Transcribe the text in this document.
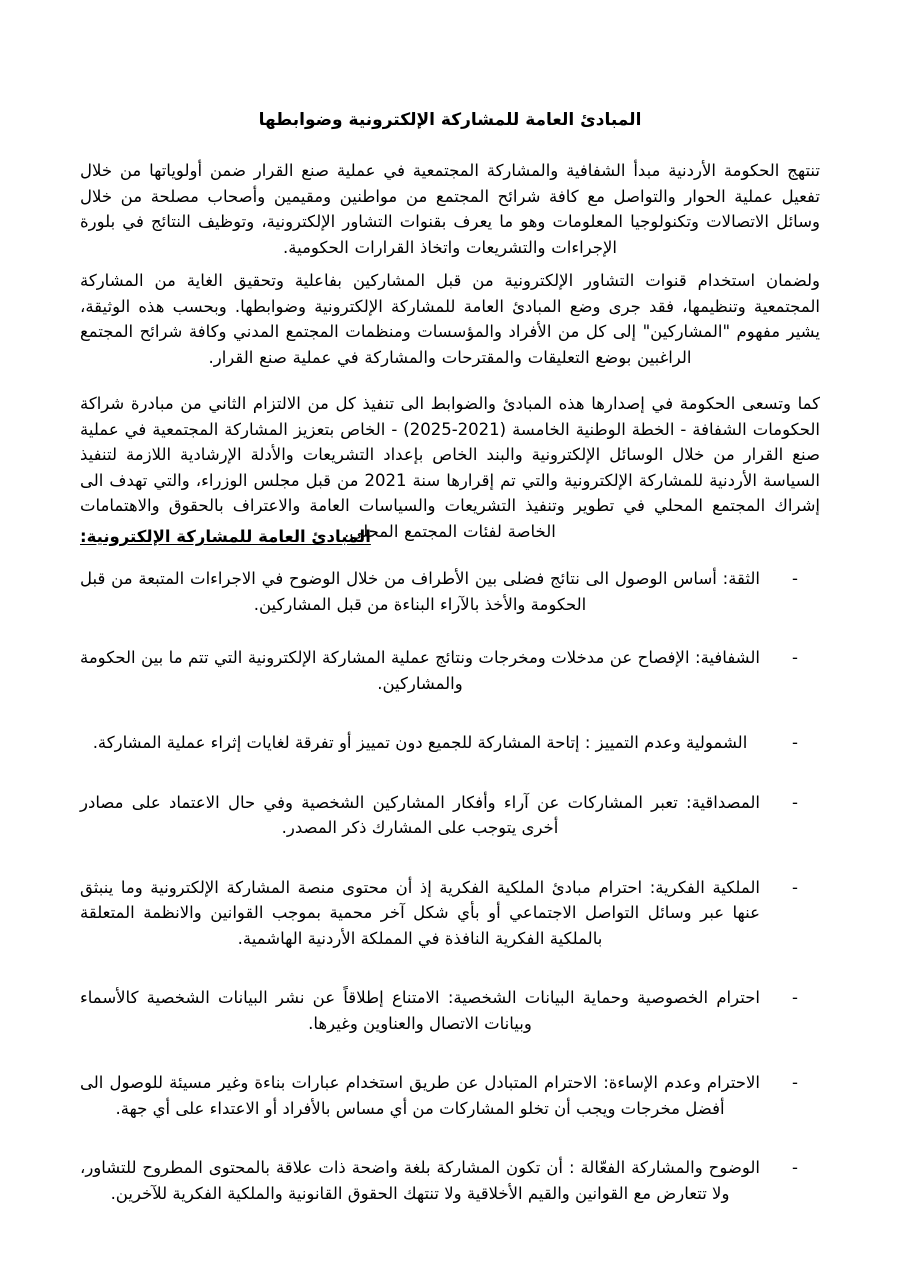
المبادئ العامة للمشاركة الإلكترونية وضوابطها

تنتهج الحكومة الأردنية مبدأ الشفافية والمشاركة المجتمعية في عملية صنع القرار ضمن أولوياتها من خلال تفعيل عملية الحوار والتواصل مع كافة شرائح المجتمع من مواطنين ومقيمين وأصحاب مصلحة من خلال وسائل الاتصالات وتكنولوجيا المعلومات وهو ما يعرف بقنوات التشاور الإلكترونية، وتوظيف النتائج في بلورة الإجراءات والتشريعات واتخاذ القرارات الحكومية.

ولضمان استخدام قنوات التشاور الإلكترونية من قبل المشاركين بفاعلية وتحقيق الغاية من المشاركة المجتمعية وتنظيمها، فقد جرى وضع المبادئ العامة للمشاركة الإلكترونية وضوابطها. وبحسب هذه الوثيقة، يشير مفهوم "المشاركين" إلى كل من الأفراد والمؤسسات ومنظمات المجتمع المدني وكافة شرائح المجتمع الراغبين بوضع التعليقات والمقترحات والمشاركة في عملية صنع القرار.

كما وتسعى الحكومة في إصدارها هذه المبادئ والضوابط الى تنفيذ كل من الالتزام الثاني من مبادرة شراكة الحكومات الشفافة - الخطة الوطنية الخامسة (2021-2025) - الخاص بتعزيز المشاركة المجتمعية في عملية صنع القرار من خلال الوسائل الإلكترونية والبند الخاص بإعداد التشريعات والأدلة الإرشادية اللازمة لتنفيذ السياسة الأردنية للمشاركة الإلكترونية والتي تم إقرارها سنة 2021 من قبل مجلس الوزراء، والتي تهدف الى إشراك المجتمع المحلي في تطوير وتنفيذ التشريعات والسياسات العامة والاعتراف بالحقوق والاهتمامات الخاصة لفئات المجتمع المحلي.

المبادئ العامة للمشاركة الإلكترونية:
-
الثقة: أساس الوصول الى نتائج فضلى بين الأطراف من خلال الوضوح في الاجراءات المتبعة من قبل الحكومة والأخذ بالآراء البناءة من قبل المشاركين.
-
الشفافية: الإفصاح عن مدخلات ومخرجات ونتائج عملية المشاركة الإلكترونية التي تتم ما بين الحكومة والمشاركين.
-
الشمولية وعدم التمييز : إتاحة المشاركة للجميع دون تمييز أو تفرقة لغايات إثراء عملية المشاركة.
-
المصداقية: تعبر المشاركات عن آراء وأفكار المشاركين الشخصية وفي حال الاعتماد على مصادر أخرى يتوجب على المشارك ذكر المصدر.
-
الملكية الفكرية: احترام مبادئ الملكية الفكرية إذ أن محتوى منصة المشاركة الإلكترونية وما ينبثق عنها عبر وسائل التواصل الاجتماعي أو بأي شكل آخر محمية بموجب القوانين والانظمة المتعلقة بالملكية الفكرية النافذة في المملكة الأردنية الهاشمية.
-
احترام الخصوصية وحماية البيانات الشخصية: الامتناع إطلاقاً عن نشر البيانات الشخصية كالأسماء وبيانات الاتصال والعناوين وغيرها.
-
الاحترام وعدم الإساءة: الاحترام المتبادل عن طريق استخدام عبارات بناءة وغير مسيئة للوصول الى أفضل مخرجات ويجب أن تخلو المشاركات من أي مساس بالأفراد أو الاعتداء على أي جهة.
-
الوضوح والمشاركة الفعّالة : أن تكون المشاركة بلغة واضحة ذات علاقة بالمحتوى المطروح للتشاور، ولا تتعارض مع القوانين والقيم الأخلاقية ولا تنتهك الحقوق القانونية والملكية الفكرية للآخرين.
